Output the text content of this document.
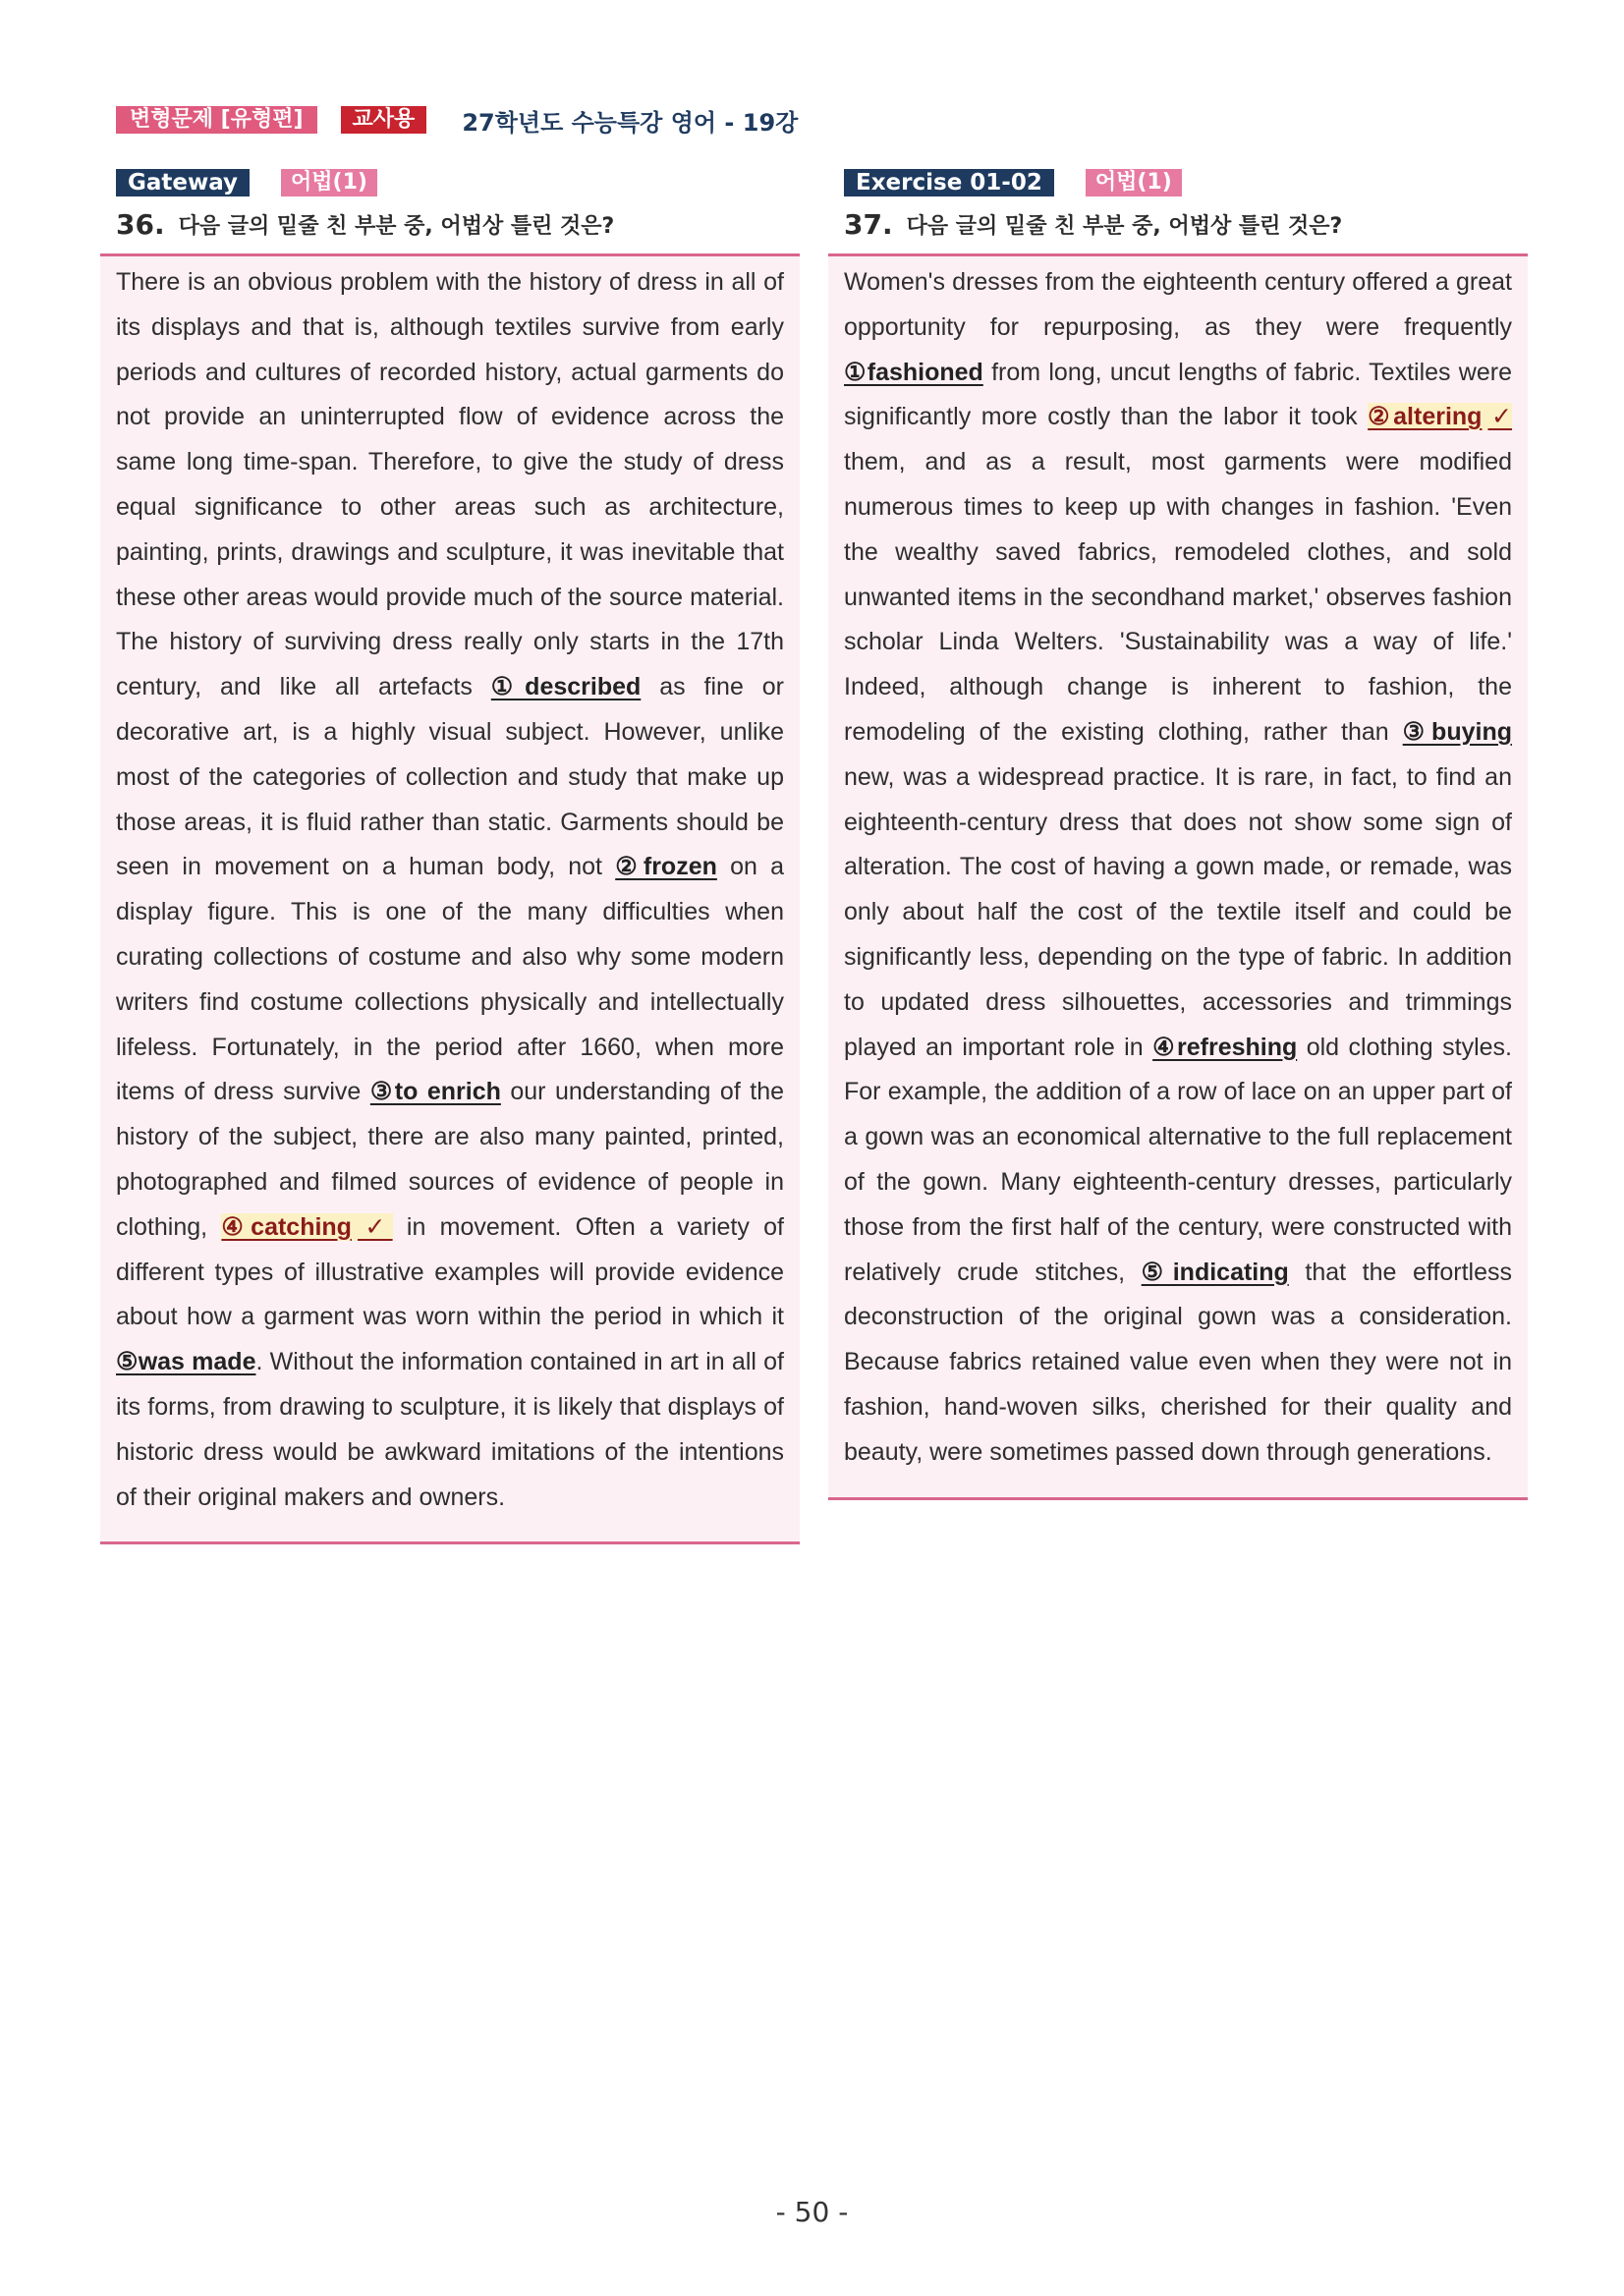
변형문제 [유형편]	교사용	27학년도 수능특강 영어 - 19강
Gateway	어법(1)
36. 다음 글의 밑줄 친 부분 중, 어법상 틀린 것은?

There is an obvious problem with the history of dress in all of its displays and that is, although textiles survive from early periods and cultures of recorded history, actual garments do not provide an uninterrupted flow of evidence across the same long time-span. Therefore, to give the study of dress equal significance to other areas such as architecture, painting, prints, drawings and sculpture, it was inevitable that these other areas would provide much of the source material. The history of surviving dress really only starts in the 17th century, and like all artefacts ①described as fine or decorative art, is a highly visual subject. However, unlike most of the categories of collection and study that make up those areas, it is fluid rather than static. Garments should be seen in movement on a human body, not ②frozen on a display figure. This is one of the many difficulties when curating collections of costume and also why some modern writers find costume collections physically and intellectually lifeless. Fortunately, in the period after 1660, when more items of dress survive ③to enrich our understanding of the history of the subject, there are also many painted, printed, photographed and filmed sources of evidence of people in clothing, ④catching ✓ in movement. Often a variety of different types of illustrative examples will provide evidence about how a garment was worn within the period in which it ⑤was made. Without the information contained in art in all of its forms, from drawing to sculpture, it is likely that displays of historic dress would be awkward imitations of the intentions of their original makers and owners.

Exercise 01-02	어법(1)
37. 다음 글의 밑줄 친 부분 중, 어법상 틀린 것은?

Women's dresses from the eighteenth century offered a great opportunity for repurposing, as they were frequently ①fashioned from long, uncut lengths of fabric. Textiles were significantly more costly than the labor it took ②altering ✓ them, and as a result, most garments were modified numerous times to keep up with changes in fashion. 'Even the wealthy saved fabrics, remodeled clothes, and sold unwanted items in the secondhand market,' observes fashion scholar Linda Welters. 'Sustainability was a way of life.' Indeed, although change is inherent to fashion, the remodeling of the existing clothing, rather than ③buying new, was a widespread practice. It is rare, in fact, to find an eighteenth-century dress that does not show some sign of alteration. The cost of having a gown made, or remade, was only about half the cost of the textile itself and could be significantly less, depending on the type of fabric. In addition to updated dress silhouettes, accessories and trimmings played an important role in ④refreshing old clothing styles. For example, the addition of a row of lace on an upper part of a gown was an economical alternative to the full replacement of the gown. Many eighteenth-century dresses, particularly those from the first half of the century, were constructed with relatively crude stitches, ⑤indicating that the effortless deconstruction of the original gown was a consideration. Because fabrics retained value even when they were not in fashion, hand-woven silks, cherished for their quality and beauty, were sometimes passed down through generations.

- 50 -
